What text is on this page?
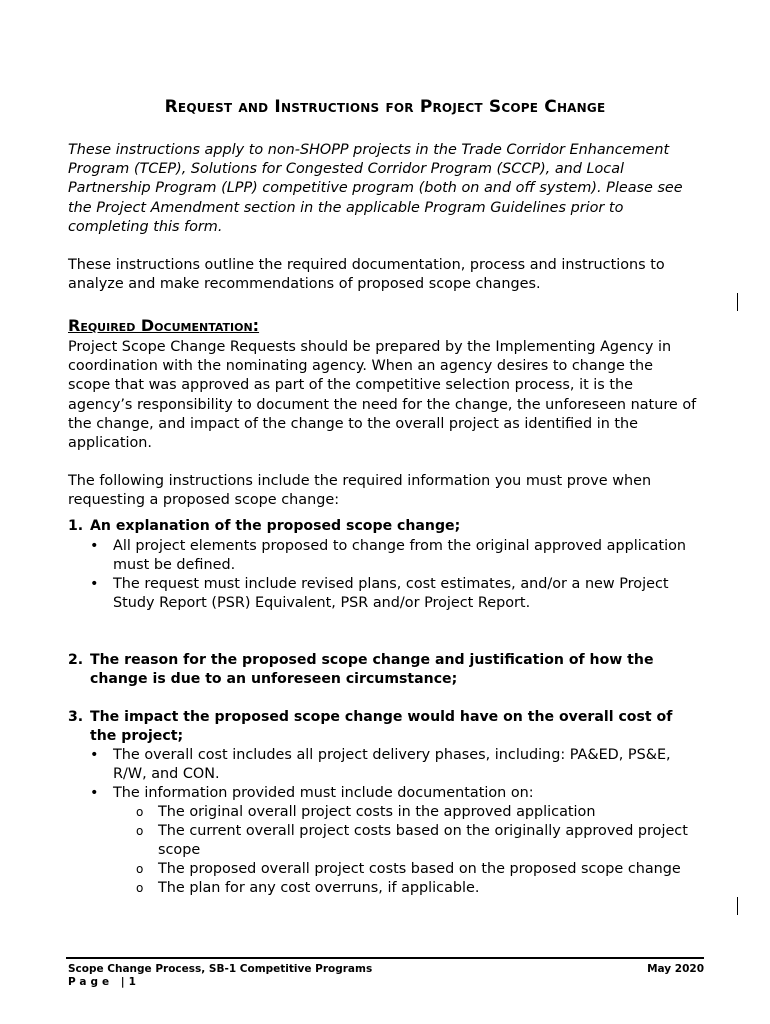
Request and Instructions for Project Scope Change

These instructions apply to non-SHOPP projects in the Trade Corridor Enhancement Program (TCEP), Solutions for Congested Corridor Program (SCCP), and Local Partnership Program (LPP) competitive program (both on and off system). Please see the Project Amendment section in the applicable Program Guidelines prior to completing this form.

These instructions outline the required documentation, process and instructions to analyze and make recommendations of proposed scope changes.

Required Documentation:

Project Scope Change Requests should be prepared by the Implementing Agency in coordination with the nominating agency. When an agency desires to change the scope that was approved as part of the competitive selection process, it is the agency’s responsibility to document the need for the change, the unforeseen nature of the change, and impact of the change to the overall project as identified in the application.

The following instructions include the required information you must prove when requesting a proposed scope change:

1. An explanation of the proposed scope change;

• All project elements proposed to change from the original approved application must be defined.

• The request must include revised plans, cost estimates, and/or a new Project Study Report (PSR) Equivalent, PSR and/or Project Report.

2. The reason for the proposed scope change and justification of how the change is due to an unforeseen circumstance;

3. The impact the proposed scope change would have on the overall cost of the project;

• The overall cost includes all project delivery phases, including: PA&ED, PS&E, R/W, and CON.

• The information provided must include documentation on:

o The original overall project costs in the approved application

o The current overall project costs based on the originally approved project scope

o The proposed overall project costs based on the proposed scope change

o The plan for any cost overruns, if applicable.

Scope Change Process, SB-1 Competitive Programs	May 2020

Page |1
